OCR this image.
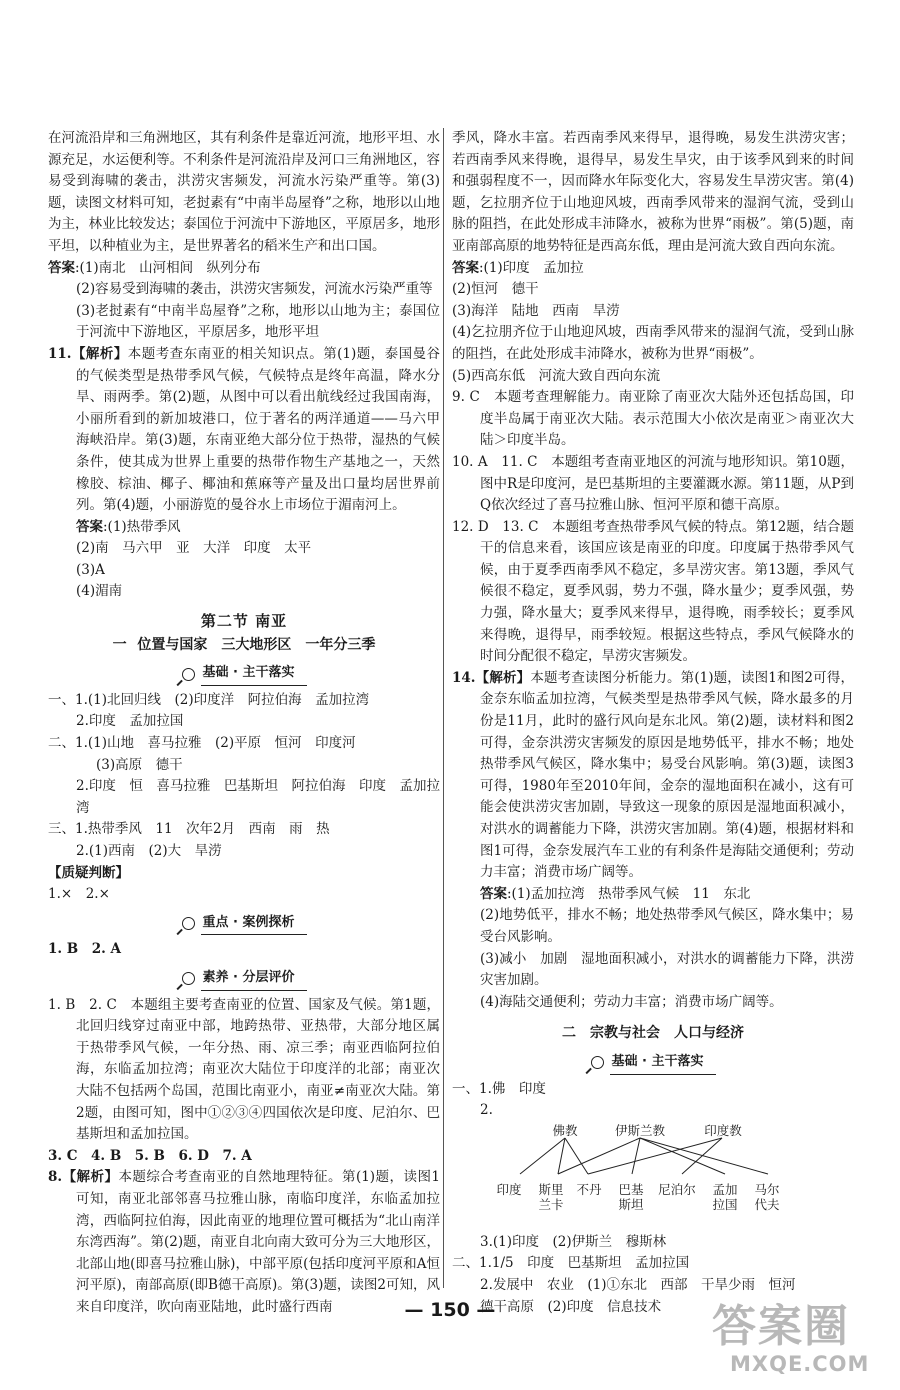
在河流沿岸和三角洲地区，其有利条件是靠近河流，地形平坦、水源充足，水运便利等。不利条件是河流沿岸及河口三角洲地区，容易受到海啸的袭击，洪涝灾害频发，河流水污染严重等。第(3)题，读图文材料可知，老挝素有“中南半岛屋脊”之称，地形以山地为主，林业比较发达；泰国位于河流中下游地区，平原居多，地形平坦，以种植业为主，是世界著名的稻米生产和出口国。

答案:(1)南北　山河相间　纵列分布

(2)容易受到海啸的袭击，洪涝灾害频发，河流水污染严重等

(3)老挝素有“中南半岛屋脊”之称，地形以山地为主；泰国位于河流中下游地区，平原居多，地形平坦

11.【解析】本题考查东南亚的相关知识点。第(1)题，泰国曼谷的气候类型是热带季风气候，气候特点是终年高温，降水分旱、雨两季。第(2)题，从图中可以看出航线经过我国南海，小丽所看到的新加坡港口，位于著名的两洋通道——马六甲海峡沿岸。第(3)题，东南亚绝大部分位于热带，湿热的气候条件，使其成为世界上重要的热带作物生产基地之一，天然橡胶、棕油、椰子、椰油和蕉麻等产量及出口量均居世界前列。第(4)题，小丽游览的曼谷水上市场位于湄南河上。

答案:(1)热带季风

(2)南　马六甲　亚　大洋　印度　太平

(3)A

(4)湄南

第二节 南亚
一 位置与国家　三大地形区　一年分三季
基础 · 主干落实

一、1.(1)北回归线　(2)印度洋　阿拉伯海　孟加拉湾

2.印度　孟加拉国

二、1.(1)山地　喜马拉雅　(2)平原　恒河　印度河

(3)高原　德干

2.印度　恒　喜马拉雅　巴基斯坦　阿拉伯海　印度　孟加拉湾

三、1.热带季风　11　次年2月　西南　雨　热

2.(1)西南　(2)大　旱涝

【质疑判断】

1.×　2.×

重点 · 案例探析

1. B　2. A

素养 · 分层评价

1. B　2. C　本题组主要考查南亚的位置、国家及气候。第1题，北回归线穿过南亚中部，地跨热带、亚热带，大部分地区属于热带季风气候，一年分热、雨、凉三季；南亚西临阿拉伯海，东临孟加拉湾；南亚次大陆位于印度洋的北部；南亚次大陆不包括两个岛国，范围比南亚小，南亚≠南亚次大陆。第2题，由图可知，图中①②③④四国依次是印度、尼泊尔、巴基斯坦和孟加拉国。

3. C　4. B　5. B　6. D　7. A

8.【解析】本题综合考查南亚的自然地理特征。第(1)题，读图1可知，南亚北部邻喜马拉雅山脉，南临印度洋，东临孟加拉湾，西临阿拉伯海，因此南亚的地理位置可概括为“北山南洋东湾西海”。第(2)题，南亚自北向南大致可分为三大地形区，北部山地(即喜马拉雅山脉)，中部平原(包括印度河平原和A恒河平原)，南部高原(即B德干高原)。第(3)题，读图2可知，风来自印度洋，吹向南亚陆地，此时盛行西南

季风，降水丰富。若西南季风来得早，退得晚，易发生洪涝灾害；若西南季风来得晚，退得早，易发生旱灾，由于该季风到来的时间和强弱程度不一，因而降水年际变化大，容易发生旱涝灾害。第(4)题，乞拉朋齐位于山地迎风坡，西南季风带来的湿润气流，受到山脉的阻挡，在此处形成丰沛降水，被称为世界“雨极”。第(5)题，南亚南部高原的地势特征是西高东低，理由是河流大致自西向东流。

答案:(1)印度　孟加拉

(2)恒河　德干

(3)海洋　陆地　西南　旱涝

(4)乞拉朋齐位于山地迎风坡，西南季风带来的湿润气流，受到山脉的阻挡，在此处形成丰沛降水，被称为世界“雨极”。

(5)西高东低　河流大致自西向东流

9. C　本题考查理解能力。南亚除了南亚次大陆外还包括岛国，印度半岛属于南亚次大陆。表示范围大小依次是南亚＞南亚次大陆＞印度半岛。

10. A　11. C　本题组考查南亚地区的河流与地形知识。第10题，图中R是印度河，是巴基斯坦的主要灌溉水源。第11题，从P到Q依次经过了喜马拉雅山脉、恒河平原和德干高原。

12. D　13. C　本题组考查热带季风气候的特点。第12题，结合题干的信息来看，该国应该是南亚的印度。印度属于热带季风气候，由于夏季西南季风不稳定，多旱涝灾害。第13题，季风气候很不稳定，夏季风弱，势力不强，降水量少；夏季风强，势力强，降水量大；夏季风来得早，退得晚，雨季较长；夏季风来得晚，退得早，雨季较短。根据这些特点，季风气候降水的时间分配很不稳定，旱涝灾害频发。

14.【解析】本题考查读图分析能力。第(1)题，读图1和图2可得，金奈东临孟加拉湾，气候类型是热带季风气候，降水最多的月份是11月，此时的盛行风向是东北风。第(2)题，读材料和图2可得，金奈洪涝灾害频发的原因是地势低平，排水不畅；地处热带季风气候区，降水集中；易受台风影响。第(3)题，读图3可得，1980年至2010年间，金奈的湿地面积在减小，这有可能会使洪涝灾害加剧，导致这一现象的原因是湿地面积减小，对洪水的调蓄能力下降，洪涝灾害加剧。第(4)题，根据材料和图1可得，金奈发展汽车工业的有利条件是海陆交通便利；劳动力丰富；消费市场广阔等。

答案:(1)孟加拉湾　热带季风气候　11　东北

(2)地势低平，排水不畅；地处热带季风气候区，降水集中；易受台风影响。

(3)减小　加剧　湿地面积减小，对洪水的调蓄能力下降，洪涝灾害加剧。

(4)海陆交通便利；劳动力丰富；消费市场广阔等。

二　宗教与社会　人口与经济
基础 · 主干落实

一、1.佛　印度

2.

佛教	伊斯兰教	印度教
印度 斯里兰卡
不丹 巴基斯坦
尼泊尔	孟加拉国
马尔代夫

3.(1)印度　(2)伊斯兰　穆斯林

二、1.1/5　印度　巴基斯坦　孟加拉国

2.发展中　农业　(1)①东北　西部　干旱少雨　恒河

德干高原　(2)印度　信息技术

— 150 —	答案圈
MXQE.COM
